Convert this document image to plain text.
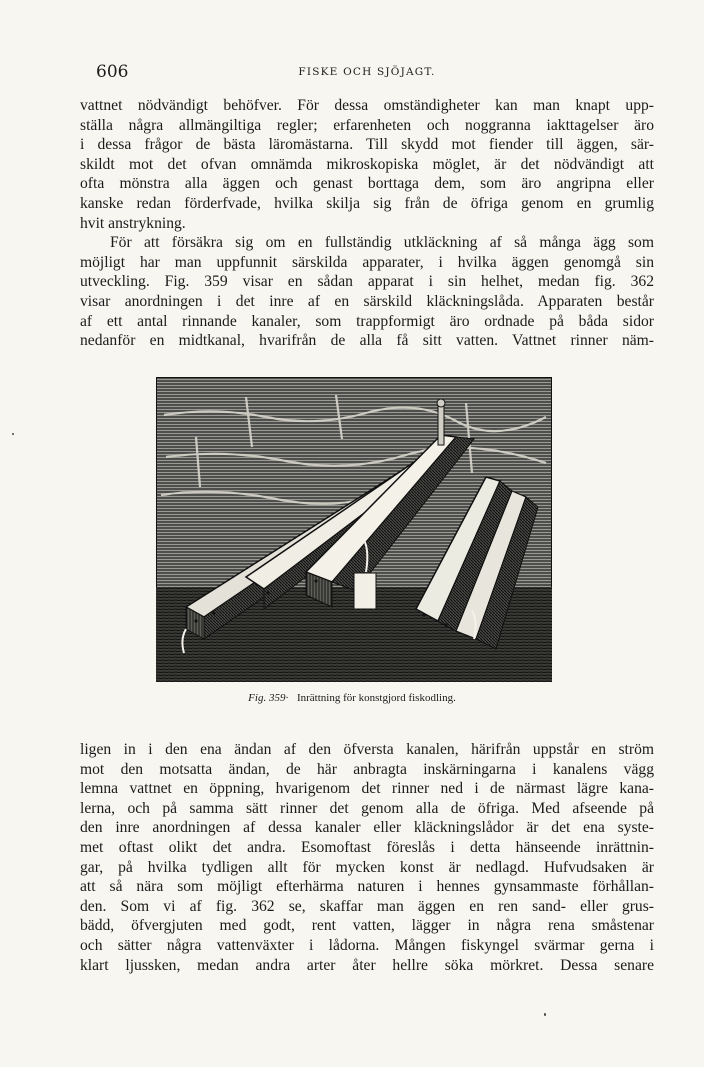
606	FISKE OCH SJÖJAGT.
vattnet nödvändigt behöfver. För dessa omständigheter kan man knapt upp-
ställa några allmängiltiga regler; erfarenheten och noggranna iakttagelser äro
i dessa frågor de bästa läromästarna. Till skydd mot fiender till äggen, sär-
skildt mot det ofvan omnämda mikroskopiska möglet, är det nödvändigt att
ofta mönstra alla äggen och genast borttaga dem, som äro angripna eller
kanske redan förderfvade, hvilka skilja sig från de öfriga genom en grumlig
hvit anstrykning.
För att försäkra sig om en fullständig utkläckning af så många ägg som
möjligt har man uppfunnit särskilda apparater, i hvilka äggen genomgå sin
utveckling. Fig. 359 visar en sådan apparat i sin helhet, medan fig. 362
visar anordningen i det inre af en särskild kläckningslåda. Apparaten består
af ett antal rinnande kanaler, som trappformigt äro ordnade på båda sidor
nedanför en midtkanal, hvarifrån de alla få sitt vatten. Vattnet rinner näm-
Fig. 359· Inrättning för konstgjord fiskodling.
ligen in i den ena ändan af den öfversta kanalen, härifrån uppstår en ström
mot den motsatta ändan, de här anbragta inskärningarna i kanalens vägg
lemna vattnet en öppning, hvarigenom det rinner ned i de närmast lägre kana-
lerna, och på samma sätt rinner det genom alla de öfriga. Med afseende på
den inre anordningen af dessa kanaler eller kläckningslådor är det ena syste-
met oftast olikt det andra. Esomoftast föreslås i detta hänseende inrättnin-
gar, på hvilka tydligen allt för mycken konst är nedlagd. Hufvudsaken är
att så nära som möjligt efterhärma naturen i hennes gynsammaste förhållan-
den. Som vi af fig. 362 se, skaffar man äggen en ren sand- eller grus-
bädd, öfvergjuten med godt, rent vatten, lägger in några rena småstenar
och sätter några vattenväxter i lådorna. Mången fiskyngel svärmar gerna i
klart ljussken, medan andra arter åter hellre söka mörkret. Dessa senare
